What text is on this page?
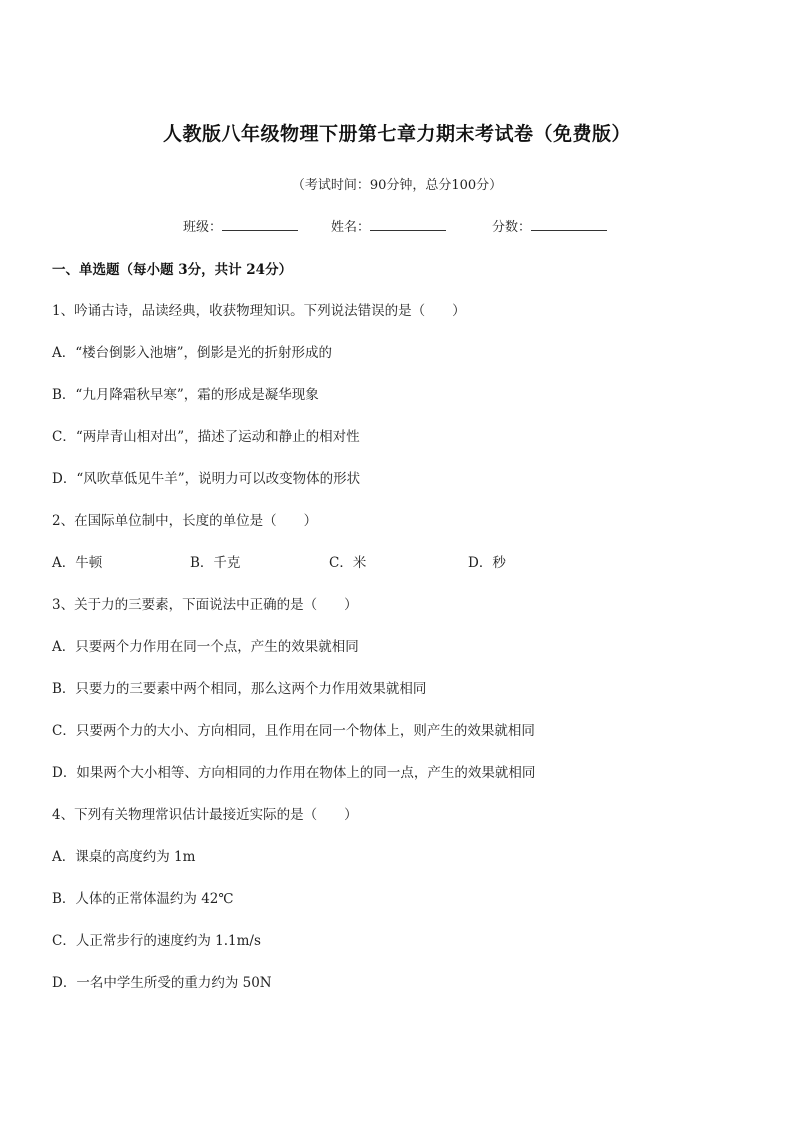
人教版八年级物理下册第七章力期末考试卷（免费版）
（考试时间：90分钟，总分100分）
班级：	姓名：	分数：
一、单选题（每小题 3分，共计 24分）
1、吟诵古诗，品读经典，收获物理知识。下列说法错误的是（　　）
A．“楼台倒影入池塘”，倒影是光的折射形成的
B．“九月降霜秋早寒”，霜的形成是凝华现象
C．“两岸青山相对出”，描述了运动和静止的相对性
D．“风吹草低见牛羊”，说明力可以改变物体的形状
2、在国际单位制中，长度的单位是（　　）
A．牛顿	B．千克	C．米	D．秒
3、关于力的三要素，下面说法中正确的是（　　）
A．只要两个力作用在同一个点，产生的效果就相同
B．只要力的三要素中两个相同，那么这两个力作用效果就相同
C．只要两个力的大小、方向相同，且作用在同一个物体上，则产生的效果就相同
D．如果两个大小相等、方向相同的力作用在物体上的同一点，产生的效果就相同
4、下列有关物理常识估计最接近实际的是（　　）
A．课桌的高度约为 1m
B．人体的正常体温约为 42℃
C．人正常步行的速度约为 1.1m/s
D．一名中学生所受的重力约为 50N
